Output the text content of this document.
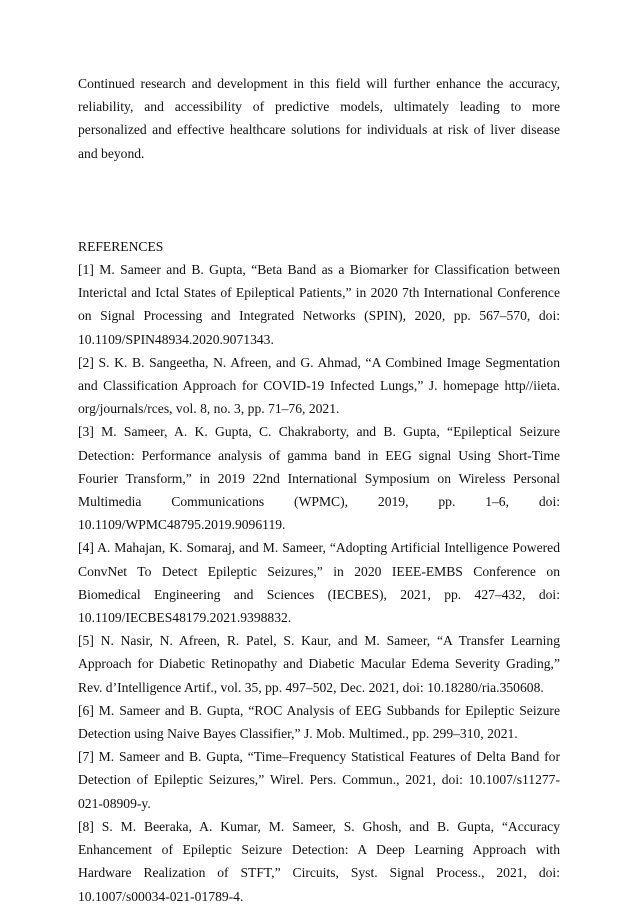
Continued research and development in this field will further enhance the accuracy, reliability, and accessibility of predictive models, ultimately leading to more personalized and effective healthcare solutions for individuals at risk of liver disease and beyond.

REFERENCES

[1] M. Sameer and B. Gupta, “Beta Band as a Biomarker for Classification between Interictal and Ictal States of Epileptical Patients,” in 2020 7th International Conference on Signal Processing and Integrated Networks (SPIN), 2020, pp. 567–570, doi: 10.1109/SPIN48934.2020.9071343.

[2] S. K. B. Sangeetha, N. Afreen, and G. Ahmad, “A Combined Image Segmentation and Classification Approach for COVID-19 Infected Lungs,” J. homepage http//iieta. org/journals/rces, vol. 8, no. 3, pp. 71–76, 2021.

[3] M. Sameer, A. K. Gupta, C. Chakraborty, and B. Gupta, “Epileptical Seizure Detection: Performance analysis of gamma band in EEG signal Using Short-Time Fourier Transform,” in 2019 22nd International Symposium on Wireless Personal Multimedia Communications (WPMC), 2019, pp. 1–6, doi: 10.1109/WPMC48795.2019.9096119.

[4] A. Mahajan, K. Somaraj, and M. Sameer, “Adopting Artificial Intelligence Powered ConvNet To Detect Epileptic Seizures,” in 2020 IEEE-EMBS Conference on Biomedical Engineering and Sciences (IECBES), 2021, pp. 427–432, doi: 10.1109/IECBES48179.2021.9398832.

[5] N. Nasir, N. Afreen, R. Patel, S. Kaur, and M. Sameer, “A Transfer Learning Approach for Diabetic Retinopathy and Diabetic Macular Edema Severity Grading,” Rev. d’Intelligence Artif., vol. 35, pp. 497–502, Dec. 2021, doi: 10.18280/ria.350608.

[6] M. Sameer and B. Gupta, “ROC Analysis of EEG Subbands for Epileptic Seizure Detection using Naive Bayes Classifier,” J. Mob. Multimed., pp. 299–310, 2021.

[7] M. Sameer and B. Gupta, “Time–Frequency Statistical Features of Delta Band for Detection of Epileptic Seizures,” Wirel. Pers. Commun., 2021, doi: 10.1007/s11277-021-08909-y.

[8] S. M. Beeraka, A. Kumar, M. Sameer, S. Ghosh, and B. Gupta, “Accuracy Enhancement of Epileptic Seizure Detection: A Deep Learning Approach with Hardware Realization of STFT,” Circuits, Syst. Signal Process., 2021, doi: 10.1007/s00034-021-01789-4.
